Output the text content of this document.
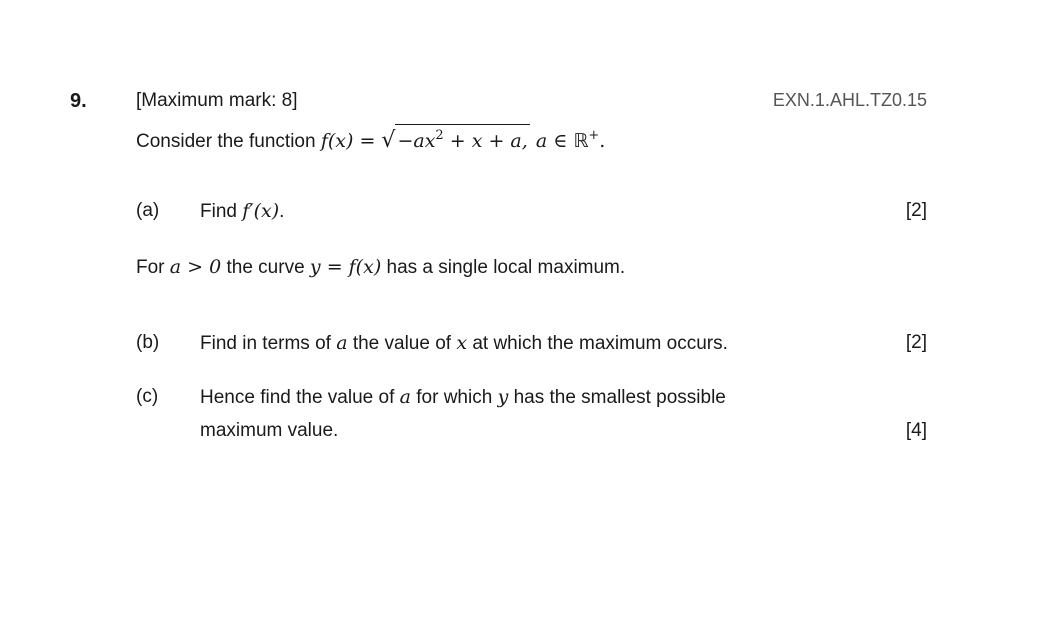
9.	[Maximum mark: 8]	EXN.1.AHL.TZ0.15
Consider the function f(x) = √ $-ax^2 + x + a$, a ∈ ℝ+.
(a) Find f′(x).	[2]
For a > 0 the curve y = f(x) has a single local maximum.
(b) Find in terms of a the value of x at which the maximum occurs.	[2]
(c) Hence find the value of a for which y has the smallest possible
maximum value.	[4]
